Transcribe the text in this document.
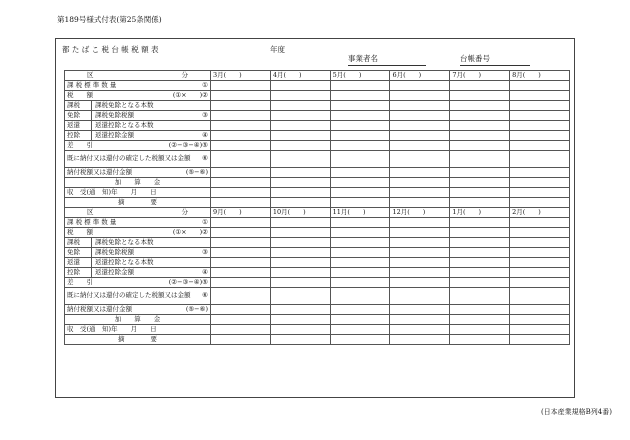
第189号様式付表(第25条関係)
都 た ば こ 税 台 帳 税 額 表	年度
事業者名	台帳番号
区 分	3月(　　)	4月(　　)	5月(　　)	6月(　　)	7月(　　)	8月(　　)

課 税 標 準 数 量 ①						

税　　額 (①×　　)②						

課税 課税免除となる本数						

免除 課税免除税額 ③						

返還 返還控除となる本数						

控除 返還控除金額 ④						

差　　引 (②−③−④)⑤						

既に納付又は還付の確定した税額又は金額 ⑥						

納付税額又は還付金額 (⑤−⑥)						

加　　算　　金						
収　受(通　知)年　　月　　日						
摘　　　　要						

区 分	9月(　　)	10月(　　)	11月(　　)	12月(　　)	1月(　　)	2月(　　)

課 税 標 準 数 量 ①						

税　　額 (①×　　)②						

課税 課税免除となる本数						

免除 課税免除税額 ③						

返還 返還控除となる本数						

控除 返還控除金額 ④						

差　　引 (②−③−④)⑤						

既に納付又は還付の確定した税額又は金額 ⑥						

納付税額又は還付金額 (⑤−⑥)						

加　　算　　金						
収　受(通　知)年　　月　　日						
摘　　　　要						
(日本産業規格B列4番)
